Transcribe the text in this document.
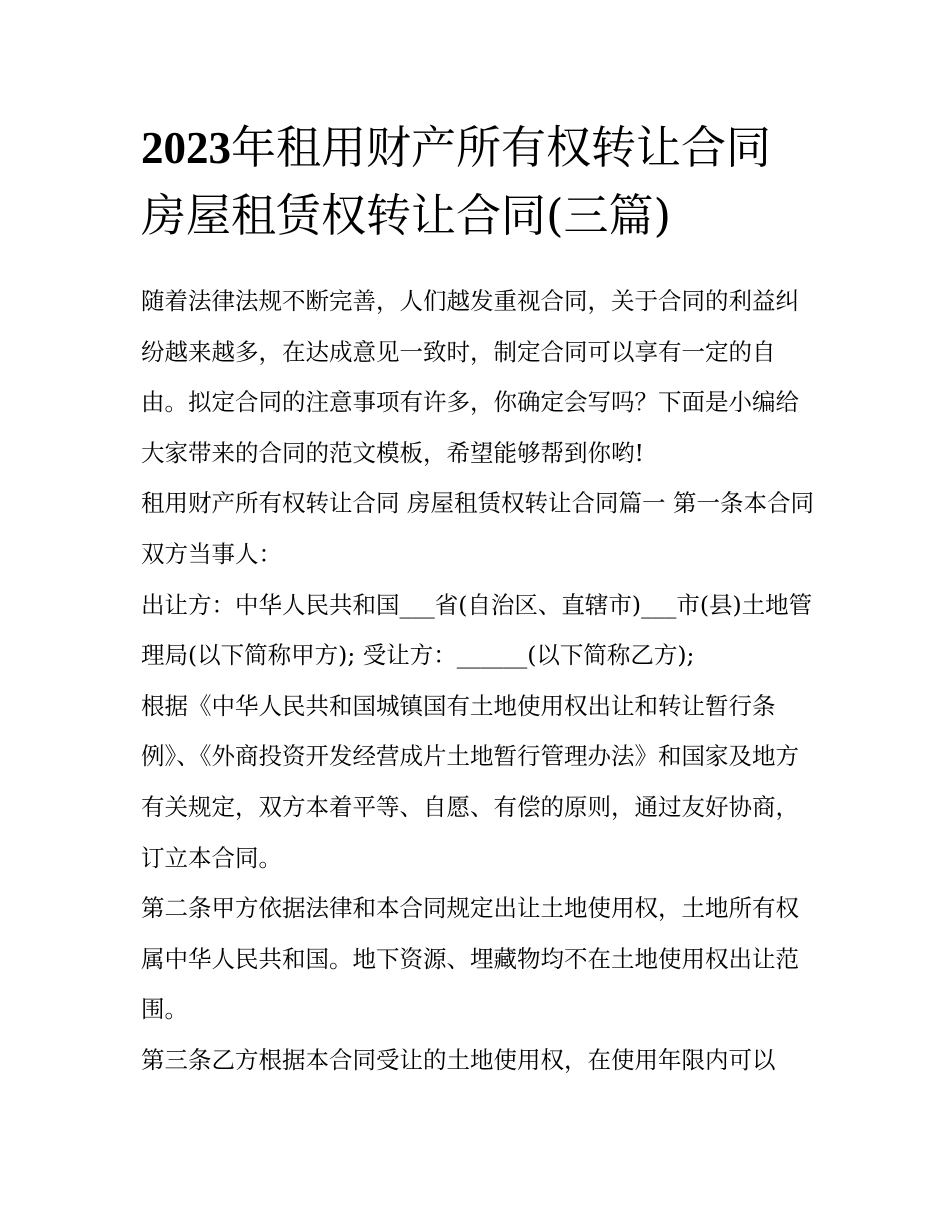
2023年租用财产所有权转让合同 房屋租赁权转让合同(三篇)

随着法律法规不断完善，人们越发重视合同，关于合同的利益纠纷越来越多，在达成意见一致时，制定合同可以享有一定的自由。拟定合同的注意事项有许多，你确定会写吗？下面是小编给大家带来的合同的范文模板，希望能够帮到你哟!

租用财产所有权转让合同 房屋租赁权转让合同篇一 第一条本合同双方当事人：

出让方：中华人民共和国___省(自治区、直辖市)___市(县)土地管理局(以下简称甲方); 受让方：______(以下简称乙方);

根据《中华人民共和国城镇国有土地使用权出让和转让暂行条例》、《外商投资开发经营成片土地暂行管理办法》和国家及地方有关规定，双方本着平等、自愿、有偿的原则，通过友好协商，订立本合同。

第二条甲方依据法律和本合同规定出让土地使用权，土地所有权属中华人民共和国。地下资源、埋藏物均不在土地使用权出让范围。

第三条乙方根据本合同受让的土地使用权，在使用年限内可以
